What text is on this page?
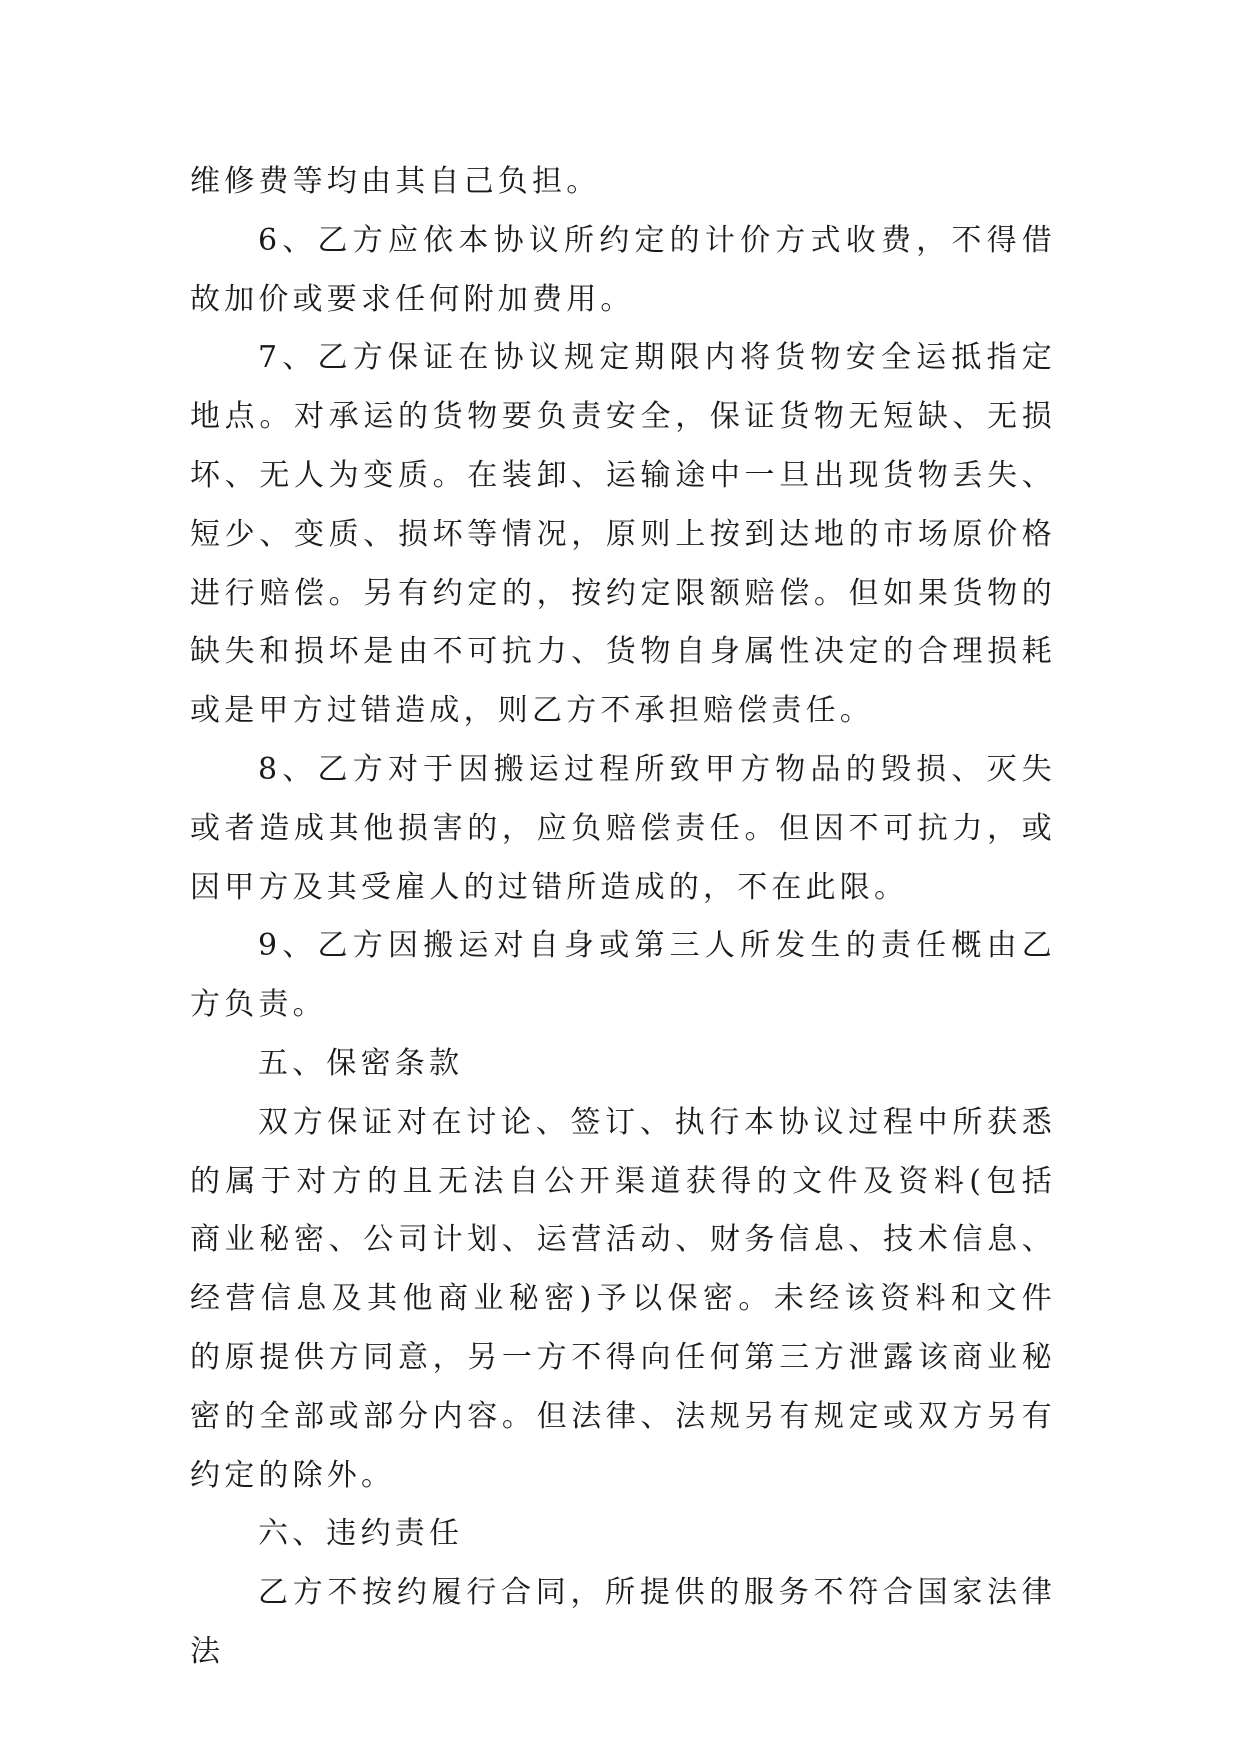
维修费等均由其自己负担。

6、乙方应依本协议所约定的计价方式收费，不得借故加价或要求任何附加费用。

7、乙方保证在协议规定期限内将货物安全运抵指定地点。对承运的货物要负责安全，保证货物无短缺、无损坏、无人为变质。在装卸、运输途中一旦出现货物丢失、短少、变质、损坏等情况，原则上按到达地的市场原价格进行赔偿。另有约定的，按约定限额赔偿。但如果货物的缺失和损坏是由不可抗力、货物自身属性决定的合理损耗或是甲方过错造成，则乙方不承担赔偿责任。

8、乙方对于因搬运过程所致甲方物品的毁损、灭失或者造成其他损害的，应负赔偿责任。但因不可抗力，或因甲方及其受雇人的过错所造成的，不在此限。

9、乙方因搬运对自身或第三人所发生的责任概由乙方负责。

五、保密条款

双方保证对在讨论、签订、执行本协议过程中所获悉的属于对方的且无法自公开渠道获得的文件及资料(包括商业秘密、公司计划、运营活动、财务信息、技术信息、经营信息及其他商业秘密)予以保密。未经该资料和文件的原提供方同意，另一方不得向任何第三方泄露该商业秘密的全部或部分内容。但法律、法规另有规定或双方另有约定的除外。

六、违约责任

乙方不按约履行合同，所提供的服务不符合国家法律法
